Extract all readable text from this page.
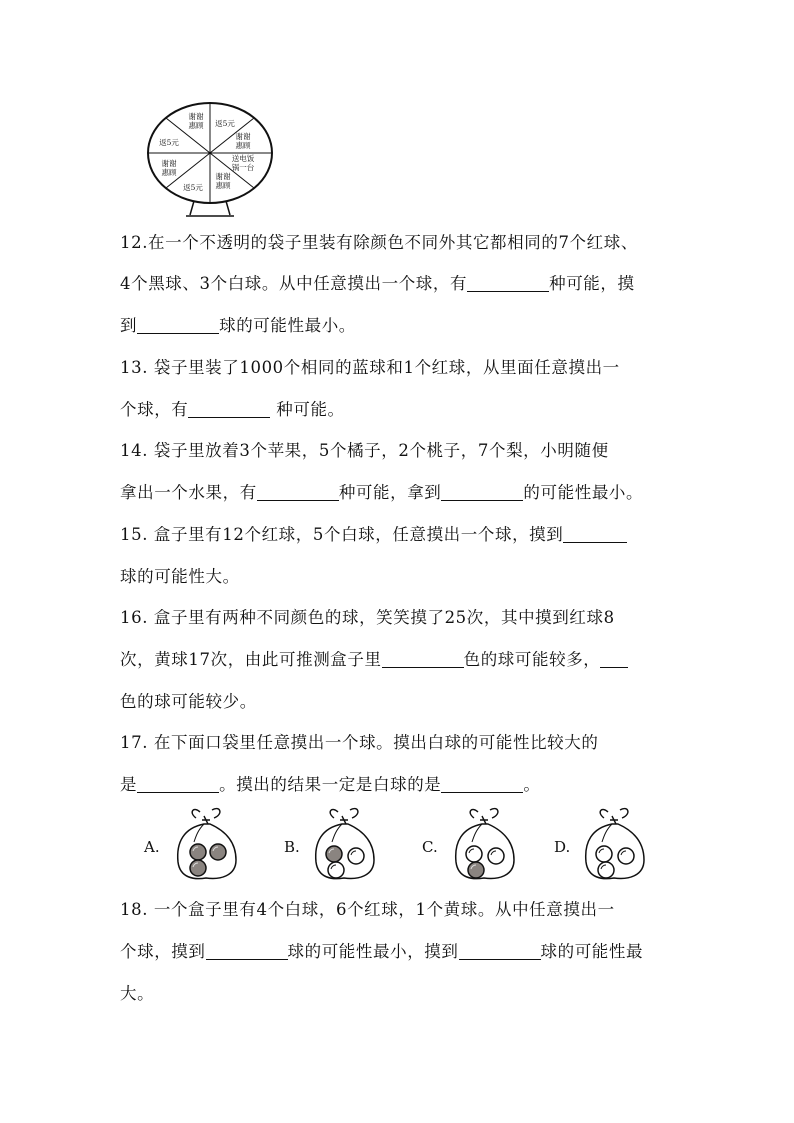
谢谢惠顾 返5元
谢谢惠顾
送电饭锅一台
谢谢惠顾
返5元
谢谢惠顾
返5元
12.在一个不透明的袋子里装有除颜色不同外其它都相同的7个红球、
4个黑球、3个白球。从中任意摸出一个球，有	种可能，摸
到	球的可能性最小。
13. 袋子里装了1000个相同的蓝球和1个红球，从里面任意摸出一
个球，有	种可能。
14. 袋子里放着3个苹果，5个橘子，2个桃子，7个梨，小明随便
拿出一个水果，有	种可能，拿到	的可能性最小。
15. 盒子里有12个红球，5个白球，任意摸出一个球，摸到
球的可能性大。
16. 盒子里有两种不同颜色的球，笑笑摸了25次，其中摸到红球8
次，黄球17次，由此可推测盒子里	色的球可能较多，
色的球可能较少。
17. 在下面口袋里任意摸出一个球。摸出白球的可能性比较大的
是	。摸出的结果一定是白球的是	。
A.	B.	C.	D.
18. 一个盒子里有4个白球，6个红球，1个黄球。从中任意摸出一
个球，摸到	球的可能性最小，摸到	球的可能性最
大。
